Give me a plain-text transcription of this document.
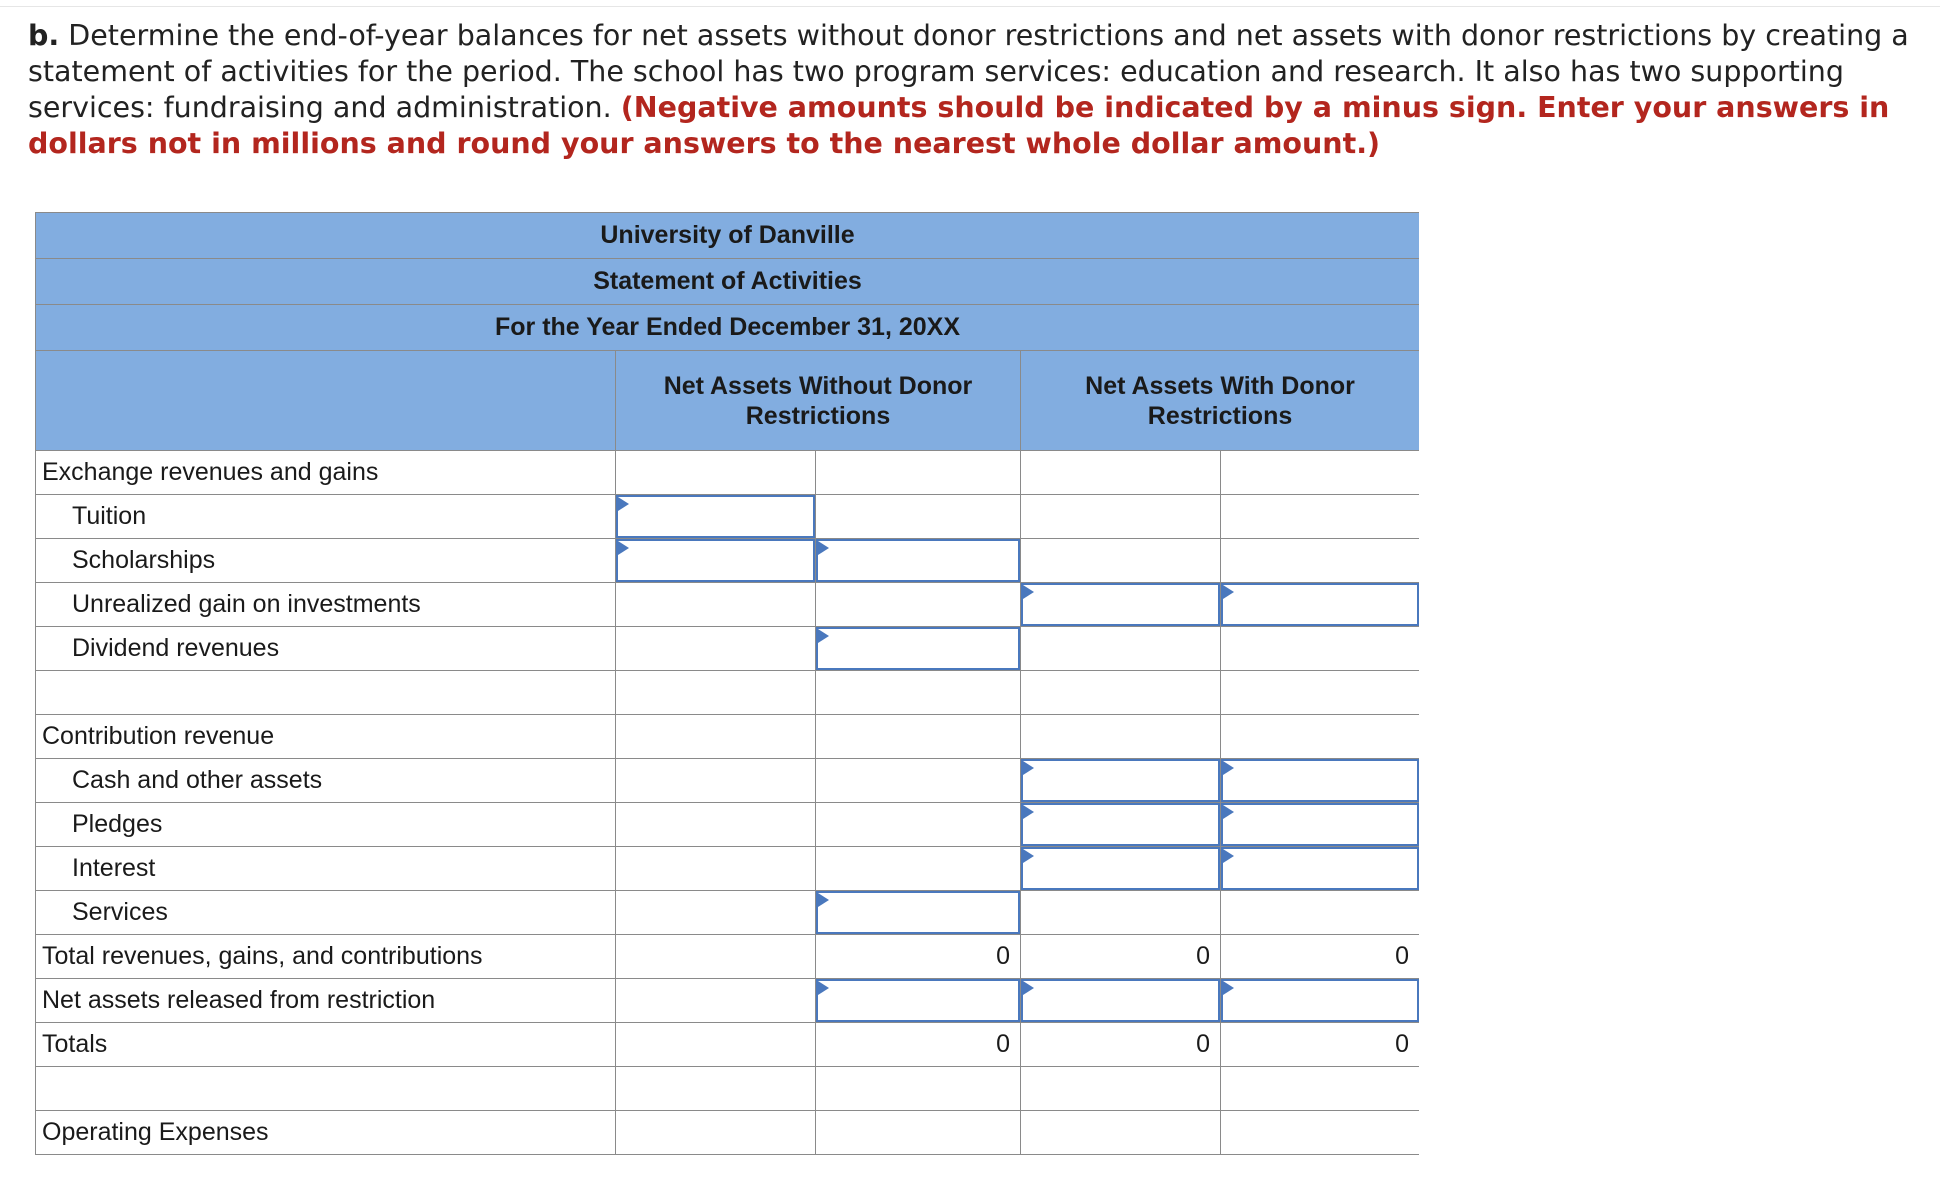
b. Determine the end-of-year balances for net assets without donor restrictions and net assets with donor restrictions by creating a statement of activities for the period. The school has two program services: education and research. It also has two supporting services: fundraising and administration. (Negative amounts should be indicated by a minus sign. Enter your answers in dollars not in millions and round your answers to the nearest whole dollar amount.)
University of Danville				
Statement of Activities				
For the Year Ended December 31, 20XX				
	Net Assets Without Donor Restrictions		Net Assets With Donor Restrictions	
Exchange revenues and gains				
Tuition	

Scholarships	

Unrealized gain on investments			

Dividend revenues		

Contribution revenue				
Cash and other assets			

Pledges			

Interest			

Services		

Total revenues, gains, and contributions		0	0	0
Net assets released from restriction		

Totals		0	0	0

Operating Expenses				
